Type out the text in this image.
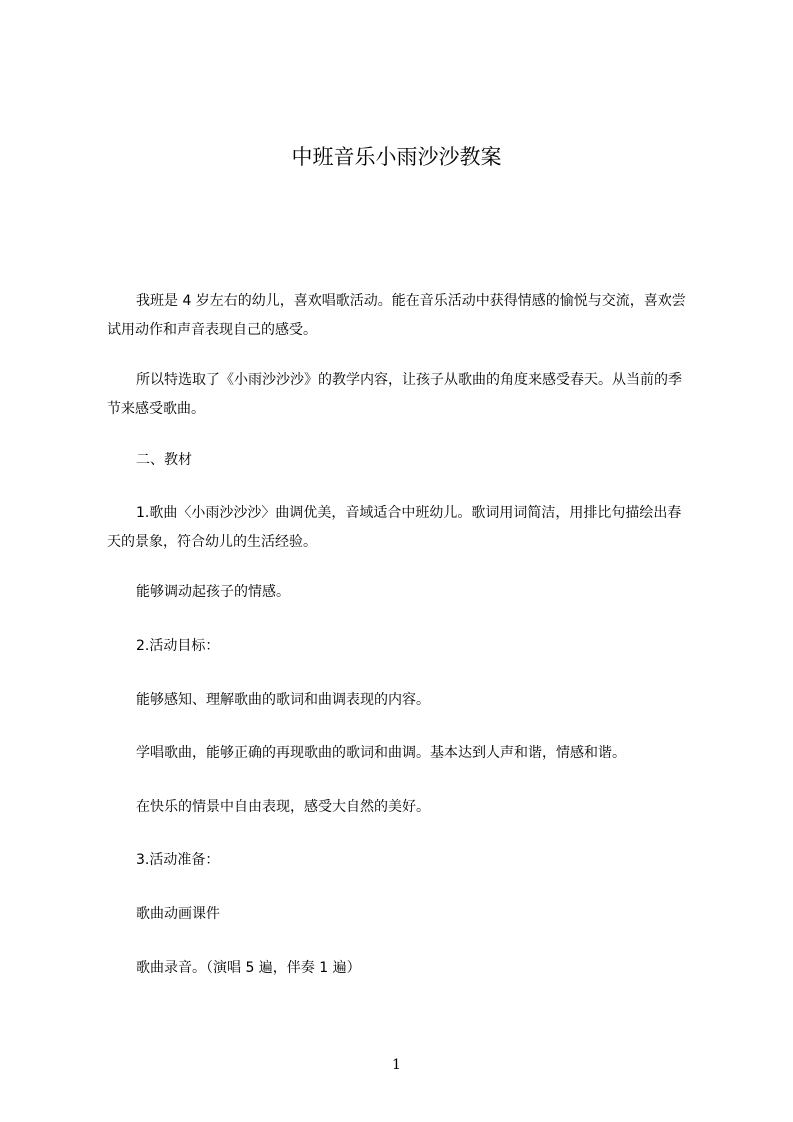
中班音乐小雨沙沙教案

我班是 4 岁左右的幼儿，喜欢唱歌活动。能在音乐活动中获得情感的愉悦与交流，喜欢尝试用动作和声音表现自己的感受。

所以特选取了《小雨沙沙沙》的教学内容，让孩子从歌曲的角度来感受春天。从当前的季节来感受歌曲。

二、教材

1.歌曲〈小雨沙沙沙〉曲调优美，音域适合中班幼儿。歌词用词简洁，用排比句描绘出春天的景象，符合幼儿的生活经验。

能够调动起孩子的情感。

2.活动目标：

能够感知、理解歌曲的歌词和曲调表现的内容。

学唱歌曲，能够正确的再现歌曲的歌词和曲调。基本达到人声和谐，情感和谐。

在快乐的情景中自由表现，感受大自然的美好。

3.活动准备：

歌曲动画课件

歌曲录音。（演唱 5 遍，伴奏 1 遍）

1
